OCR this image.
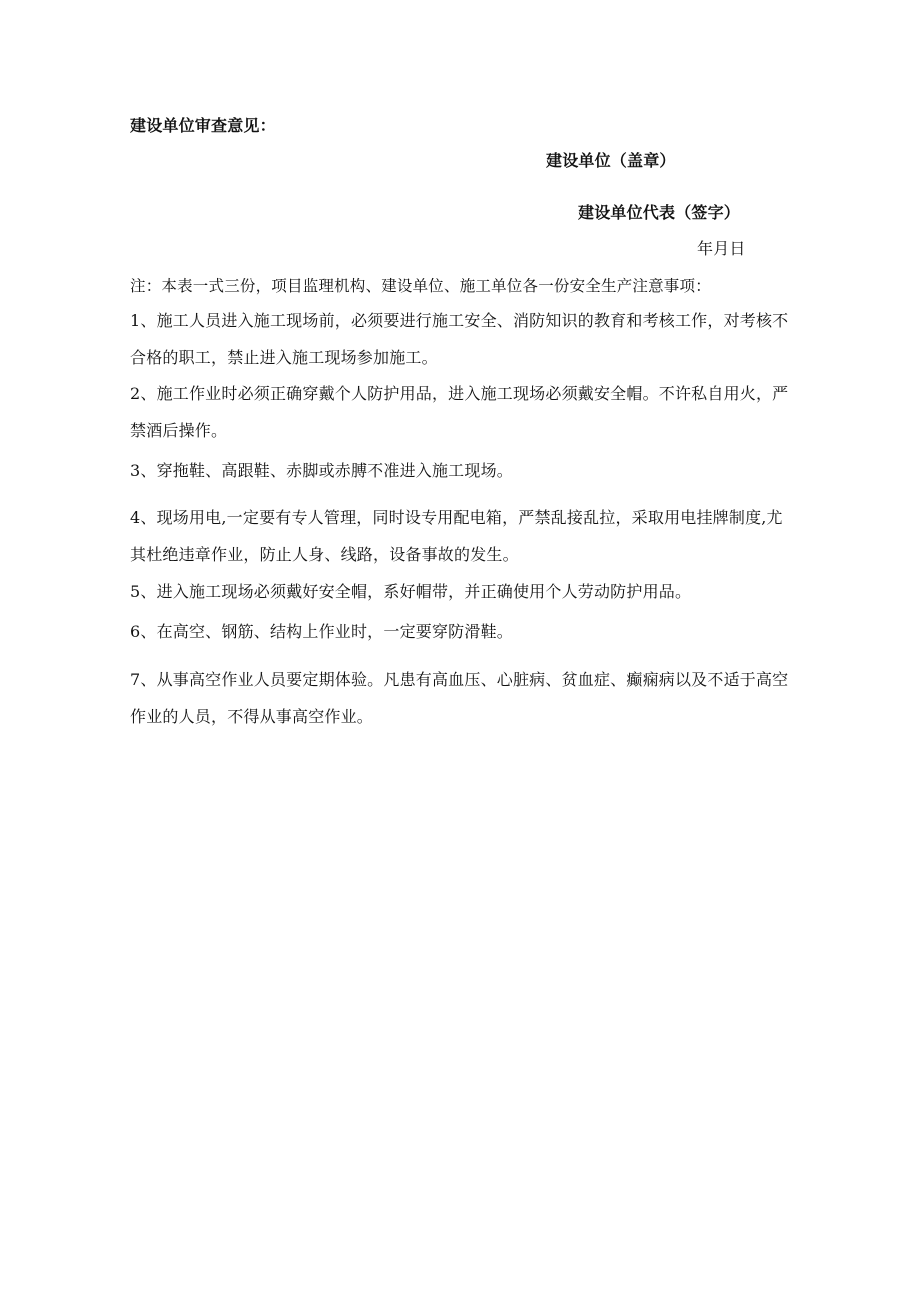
建设单位审查意见：
建设单位（盖章）
建设单位代表（签字）
年月日
注：本表一式三份，项目监理机构、建设单位、施工单位各一份安全生产注意事项：
1、施工人员进入施工现场前，必须要进行施工安全、消防知识的教育和考核工作，对考核不
合格的职工，禁止进入施工现场参加施工。
2、施工作业时必须正确穿戴个人防护用品，进入施工现场必须戴安全帽。不许私自用火，严
禁酒后操作。
3、穿拖鞋、高跟鞋、赤脚或赤膊不准进入施工现场。
4、现场用电,一定要有专人管理，同时设专用配电箱，严禁乱接乱拉，采取用电挂牌制度,尤
其杜绝违章作业，防止人身、线路，设备事故的发生。
5、进入施工现场必须戴好安全帽，系好帽带，并正确使用个人劳动防护用品。
6、在高空、钢筋、结构上作业时，一定要穿防滑鞋。
7、从事高空作业人员要定期体验。凡患有高血压、心脏病、贫血症、癫痫病以及不适于高空
作业的人员，不得从事高空作业。
